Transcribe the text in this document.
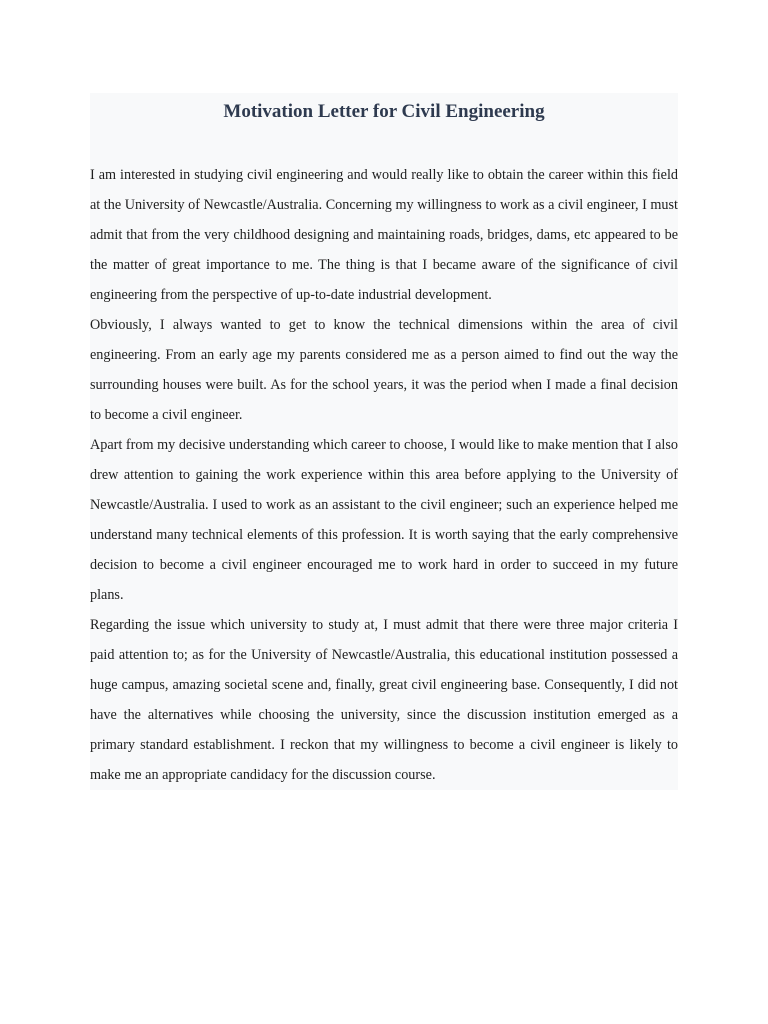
Motivation Letter for Civil Engineering

I am interested in studying civil engineering and would really like to obtain the career within this field at the University of Newcastle/Australia. Concerning my willingness to work as a civil engineer, I must admit that from the very childhood designing and maintaining roads, bridges, dams, etc appeared to be the matter of great importance to me. The thing is that I became aware of the significance of civil engineering from the perspective of up-to-date industrial development.

Obviously, I always wanted to get to know the technical dimensions within the area of civil engineering. From an early age my parents considered me as a person aimed to find out the way the surrounding houses were built. As for the school years, it was the period when I made a final decision to become a civil engineer.

Apart from my decisive understanding which career to choose, I would like to make mention that I also drew attention to gaining the work experience within this area before applying to the University of Newcastle/Australia. I used to work as an assistant to the civil engineer; such an experience helped me understand many technical elements of this profession. It is worth saying that the early comprehensive decision to become a civil engineer encouraged me to work hard in order to succeed in my future plans.

Regarding the issue which university to study at, I must admit that there were three major criteria I paid attention to; as for the University of Newcastle/Australia, this educational institution possessed a huge campus, amazing societal scene and, finally, great civil engineering base. Consequently, I did not have the alternatives while choosing the university, since the discussion institution emerged as a primary standard establishment. I reckon that my willingness to become a civil engineer is likely to make me an appropriate candidacy for the discussion course.
